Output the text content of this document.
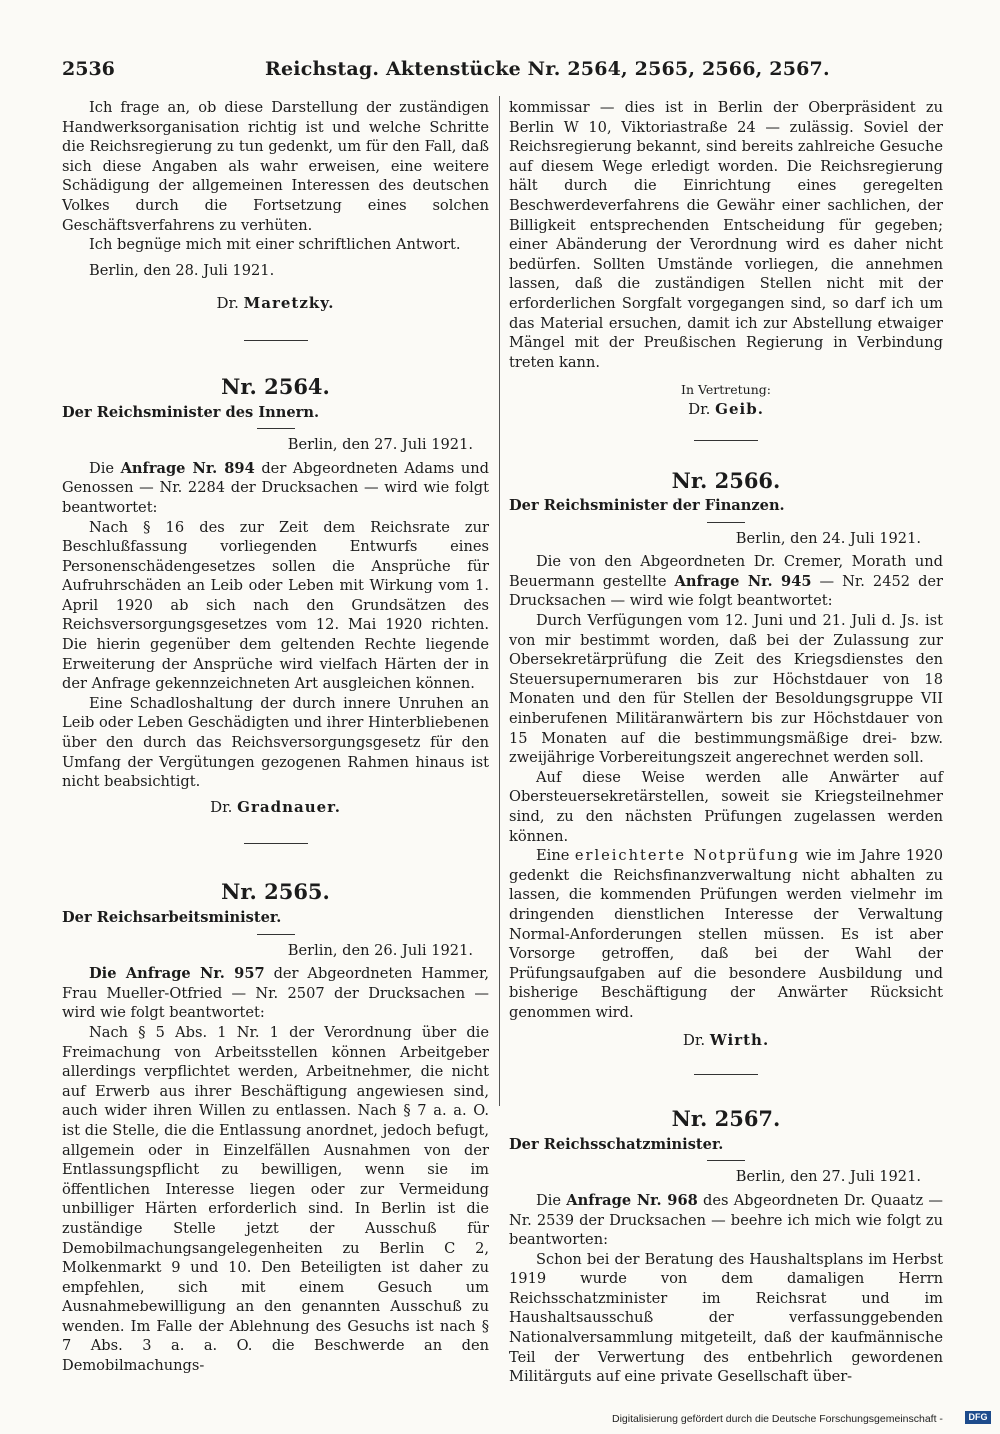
2536	Reichstag. Aktenstücke Nr. 2564, 2565, 2566, 2567.

Ich frage an, ob diese Darstellung der zuständigen Handwerksorganisation richtig ist und welche Schritte die Reichsregierung zu tun gedenkt, um für den Fall, daß sich diese Angaben als wahr erweisen, eine weitere Schädigung der allgemeinen Interessen des deutschen Volkes durch die Fortsetzung eines solchen Geschäftsverfahrens zu verhüten.

Ich begnüge mich mit einer schriftlichen Antwort.

Berlin, den 28. Juli 1921.

Dr. Maretzky.

Nr. 2564.

Der Reichsminister des Innern.

Berlin, den 27. Juli 1921.

Die Anfrage Nr. 894 der Abgeordneten Adams und Genossen — Nr. 2284 der Drucksachen — wird wie folgt beantwortet:

Nach § 16 des zur Zeit dem Reichsrate zur Beschlußfassung vorliegenden Entwurfs eines Personenschädengesetzes sollen die Ansprüche für Aufruhrschäden an Leib oder Leben mit Wirkung vom 1. April 1920 ab sich nach den Grundsätzen des Reichsversorgungsgesetzes vom 12. Mai 1920 richten. Die hierin gegenüber dem geltenden Rechte liegende Erweiterung der Ansprüche wird vielfach Härten der in der Anfrage gekennzeichneten Art ausgleichen können.

Eine Schadloshaltung der durch innere Unruhen an Leib oder Leben Geschädigten und ihrer Hinterbliebenen über den durch das Reichsversorgungsgesetz für den Umfang der Vergütungen gezogenen Rahmen hinaus ist nicht beabsichtigt.

Dr. Gradnauer.

Nr. 2565.

Der Reichsarbeitsminister.

Berlin, den 26. Juli 1921.

Die Anfrage Nr. 957 der Abgeordneten Hammer, Frau Mueller-Otfried — Nr. 2507 der Drucksachen — wird wie folgt beantwortet:

Nach § 5 Abs. 1 Nr. 1 der Verordnung über die Freimachung von Arbeitsstellen können Arbeitgeber allerdings verpflichtet werden, Arbeitnehmer, die nicht auf Erwerb aus ihrer Beschäftigung angewiesen sind, auch wider ihren Willen zu entlassen. Nach § 7 a. a. O. ist die Stelle, die die Entlassung anordnet, jedoch befugt, allgemein oder in Einzelfällen Ausnahmen von der Entlassungspflicht zu bewilligen, wenn sie im öffentlichen Interesse liegen oder zur Vermeidung unbilliger Härten erforderlich sind. In Berlin ist die zuständige Stelle jetzt der Ausschuß für Demobilmachungsangelegenheiten zu Berlin C 2, Molkenmarkt 9 und 10. Den Beteiligten ist daher zu empfehlen, sich mit einem Gesuch um Ausnahmebewilligung an den genannten Ausschuß zu wenden. Im Falle der Ablehnung des Gesuchs ist nach § 7 Abs. 3 a. a. O. die Beschwerde an den Demobilmachungs-

kommissar — dies ist in Berlin der Oberpräsident zu Berlin W 10, Viktoriastraße 24 — zulässig. Soviel der Reichsregierung bekannt, sind bereits zahlreiche Gesuche auf diesem Wege erledigt worden. Die Reichsregierung hält durch die Einrichtung eines geregelten Beschwerdeverfahrens die Gewähr einer sachlichen, der Billigkeit entsprechenden Entscheidung für gegeben; einer Abänderung der Verordnung wird es daher nicht bedürfen. Sollten Umstände vorliegen, die annehmen lassen, daß die zuständigen Stellen nicht mit der erforderlichen Sorgfalt vorgegangen sind, so darf ich um das Material ersuchen, damit ich zur Abstellung etwaiger Mängel mit der Preußischen Regierung in Verbindung treten kann.

In Vertretung:

Dr. Geib.

Nr. 2566.

Der Reichsminister der Finanzen.

Berlin, den 24. Juli 1921.

Die von den Abgeordneten Dr. Cremer, Morath und Beuermann gestellte Anfrage Nr. 945 — Nr. 2452 der Drucksachen — wird wie folgt beantwortet:

Durch Verfügungen vom 12. Juni und 21. Juli d. Js. ist von mir bestimmt worden, daß bei der Zulassung zur Obersekretärprüfung die Zeit des Kriegsdienstes den Steuersupernumeraren bis zur Höchstdauer von 18 Monaten und den für Stellen der Besoldungsgruppe VII einberufenen Militäranwärtern bis zur Höchstdauer von 15 Monaten auf die bestimmungsmäßige drei- bzw. zweijährige Vorbereitungszeit angerechnet werden soll.

Auf diese Weise werden alle Anwärter auf Obersteuersekretärstellen, soweit sie Kriegsteilnehmer sind, zu den nächsten Prüfungen zugelassen werden können.

Eine erleichterte Notprüfung wie im Jahre 1920 gedenkt die Reichsfinanzverwaltung nicht abhalten zu lassen, die kommenden Prüfungen werden vielmehr im dringenden dienstlichen Interesse der Verwaltung Normal-Anforderungen stellen müssen. Es ist aber Vorsorge getroffen, daß bei der Wahl der Prüfungsaufgaben auf die besondere Ausbildung und bisherige Beschäftigung der Anwärter Rücksicht genommen wird.

Dr. Wirth.

Nr. 2567.

Der Reichsschatzminister.

Berlin, den 27. Juli 1921.

Die Anfrage Nr. 968 des Abgeordneten Dr. Quaatz — Nr. 2539 der Drucksachen — beehre ich mich wie folgt zu beantworten:

Schon bei der Beratung des Haushaltsplans im Herbst 1919 wurde von dem damaligen Herrn Reichsschatzminister im Reichsrat und im Haushaltsausschuß der verfassunggebenden Nationalversammlung mitgeteilt, daß der kaufmännische Teil der Verwertung des entbehrlich gewordenen Militärguts auf eine private Gesellschaft über-

Digitalisierung gefördert durch die Deutsche Forschungsgemeinschaft -	DFG
